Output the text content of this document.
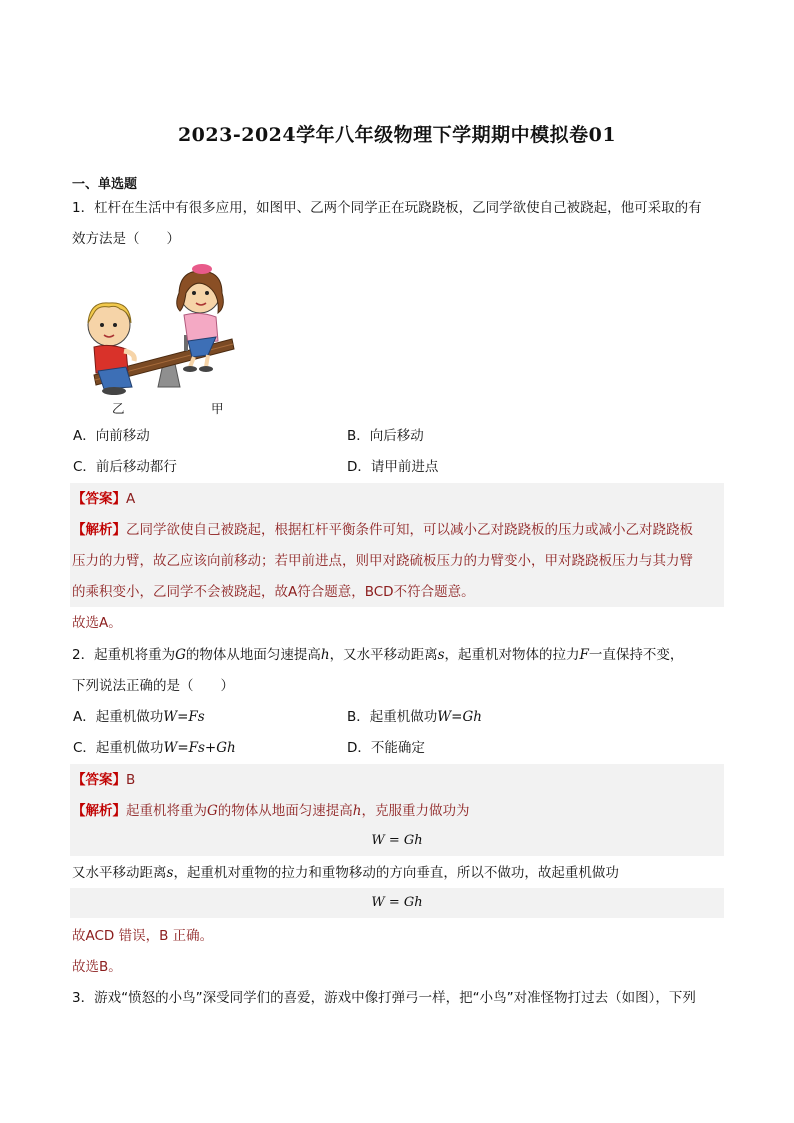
2023-2024学年八年级物理下学期期中模拟卷01
一、单选题
1．杠杆在生活中有很多应用，如图甲、乙两个同学正在玩跷跷板，乙同学欲使自己被跷起，他可采取的有
效方法是（　　）
乙	甲
A．向前移动	B．向后移动
C．前后移动都行	D．请甲前进点
【答案】A
【解析】乙同学欲使自己被跷起，根据杠杆平衡条件可知，可以减小乙对跷跷板的压力或减小乙对跷跷板
压力的力臂，故乙应该向前移动；若甲前进点，则甲对跷硫板压力的力臂变小，甲对跷跷板压力与其力臂
的乘积变小，乙同学不会被跷起，故A符合题意，BCD不符合题意。
故选A。
2．起重机将重为G的物体从地面匀速提高h，又水平移动距离s，起重机对物体的拉力F一直保持不变，
下列说法正确的是（　　）
A．起重机做功W=Fs	B．起重机做功W=Gh
C．起重机做功W=Fs+Gh	D．不能确定
【答案】B
【解析】起重机将重为G的物体从地面匀速提高h，克服重力做功为
W = Gh
又水平移动距离s，起重机对重物的拉力和重物移动的方向垂直，所以不做功，故起重机做功
W = Gh
故ACD 错误，B 正确。
故选B。
3．游戏“愤怒的小鸟”深受同学们的喜爱，游戏中像打弹弓一样，把“小鸟”对准怪物打过去（如图），下列
